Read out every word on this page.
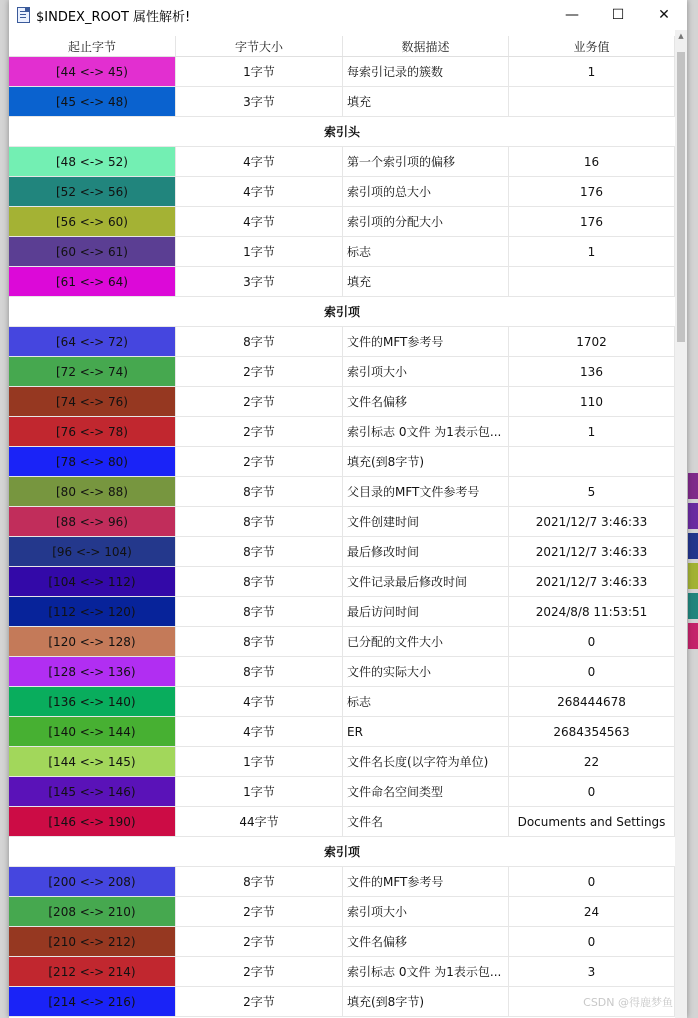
$INDEX_ROOT 属性解析!	—	☐	✕
起止字节	字节大小	数据描述	业务值
[44 <-> 45)	1字节	每索引记录的簇数	1
[45 <-> 48)	3字节	填充
索引头
[48 <-> 52)	4字节	第一个索引项的偏移	16
[52 <-> 56)	4字节	索引项的总大小	176
[56 <-> 60)	4字节	索引项的分配大小	176
[60 <-> 61)	1字节	标志	1
[61 <-> 64)	3字节	填充
索引项
[64 <-> 72)	8字节	文件的MFT参考号	1702
[72 <-> 74)	2字节	索引项大小	136
[74 <-> 76)	2字节	文件名偏移	110
[76 <-> 78)	2字节	索引标志 0文件 为1表示包...	1
[78 <-> 80)	2字节	填充(到8字节)
[80 <-> 88)	8字节	父目录的MFT文件参考号	5
[88 <-> 96)	8字节	文件创建时间	2021/12/7 3:46:33
[96 <-> 104)	8字节	最后修改时间	2021/12/7 3:46:33
[104 <-> 112)	8字节	文件记录最后修改时间	2021/12/7 3:46:33
[112 <-> 120)	8字节	最后访问时间	2024/8/8 11:53:51
[120 <-> 128)	8字节	已分配的文件大小	0
[128 <-> 136)	8字节	文件的实际大小	0
[136 <-> 140)	4字节	标志	268444678
[140 <-> 144)	4字节	ER	2684354563
[144 <-> 145)	1字节	文件名长度(以字符为单位)	22
[145 <-> 146)	1字节	文件命名空间类型	0
[146 <-> 190)	44字节	文件名	Documents and Settings
索引项
[200 <-> 208)	8字节	文件的MFT参考号	0
[208 <-> 210)	2字节	索引项大小	24
[210 <-> 212)	2字节	文件名偏移	0
[212 <-> 214)	2字节	索引标志 0文件 为1表示包...	3
[214 <-> 216)	2字节	填充(到8字节)
▲
CSDN @得鹿梦鱼
